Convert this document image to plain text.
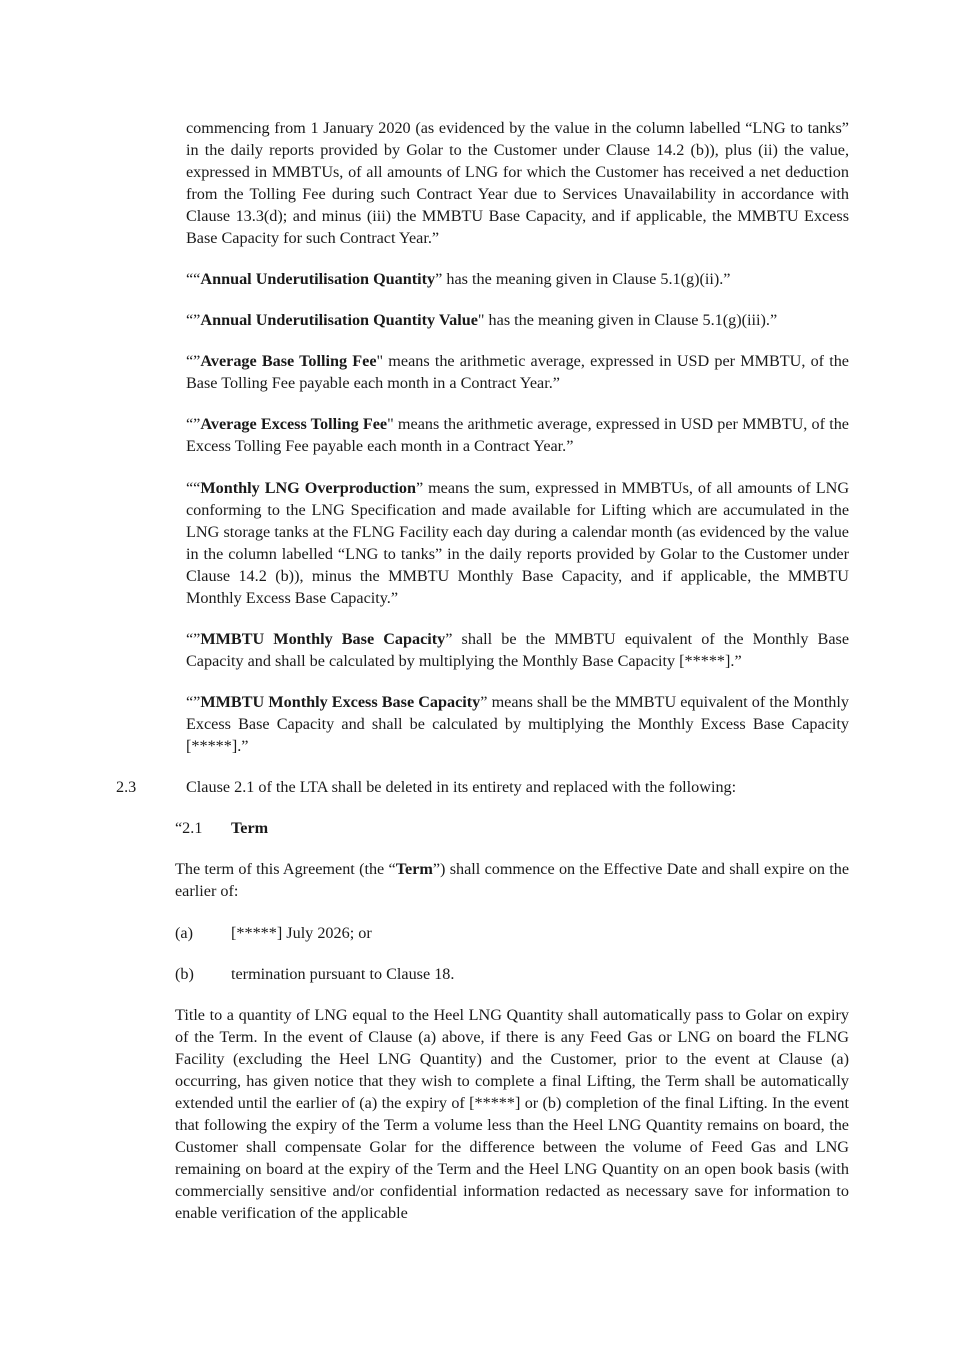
commencing from 1 January 2020 (as evidenced by the value in the column labelled “LNG to tanks” in the daily reports provided by Golar to the Customer under Clause 14.2 (b)), plus (ii) the value, expressed in MMBTUs, of all amounts of LNG for which the Customer has received a net deduction from the Tolling Fee during such Contract Year due to Services Unavailability in accordance with Clause 13.3(d); and minus (iii) the MMBTU Base Capacity, and if applicable, the MMBTU Excess Base Capacity for such Contract Year.”

““Annual Underutilisation Quantity” has the meaning given in Clause 5.1(g)(ii).”

“”Annual Underutilisation Quantity Value" has the meaning given in Clause 5.1(g)(iii).”

“”Average Base Tolling Fee" means the arithmetic average, expressed in USD per MMBTU, of the Base Tolling Fee payable each month in a Contract Year.”

“”Average Excess Tolling Fee" means the arithmetic average, expressed in USD per MMBTU, of the Excess Tolling Fee payable each month in a Contract Year.”

““Monthly LNG Overproduction” means the sum, expressed in MMBTUs, of all amounts of LNG conforming to the LNG Specification and made available for Lifting which are accumulated in the LNG storage tanks at the FLNG Facility each day during a calendar month (as evidenced by the value in the column labelled “LNG to tanks” in the daily reports provided by Golar to the Customer under Clause 14.2 (b)), minus the MMBTU Monthly Base Capacity, and if applicable, the MMBTU Monthly Excess Base Capacity.”

“”MMBTU Monthly Base Capacity” shall be the MMBTU equivalent of the Monthly Base Capacity and shall be calculated by multiplying the Monthly Base Capacity [*****].”

“”MMBTU Monthly Excess Base Capacity” means shall be the MMBTU equivalent of the Monthly Excess Base Capacity and shall be calculated by multiplying the Monthly Excess Base Capacity [*****].”

2.3	Clause 2.1 of the LTA shall be deleted in its entirety and replaced with the following:
“2.1 Term

The term of this Agreement (the “Term”) shall commence on the Effective Date and shall expire on the earlier of:

(a) [*****] July 2026; or
(b) termination pursuant to Clause 18.

Title to a quantity of LNG equal to the Heel LNG Quantity shall automatically pass to Golar on expiry of the Term. In the event of Clause (a) above, if there is any Feed Gas or LNG on board the FLNG Facility (excluding the Heel LNG Quantity) and the Customer, prior to the event at Clause (a) occurring, has given notice that they wish to complete a final Lifting, the Term shall be automatically extended until the earlier of (a) the expiry of [*****] or (b) completion of the final Lifting. In the event that following the expiry of the Term a volume less than the Heel LNG Quantity remains on board, the Customer shall compensate Golar for the difference between the volume of Feed Gas and LNG remaining on board at the expiry of the Term and the Heel LNG Quantity on an open book basis (with commercially sensitive and/or confidential information redacted as necessary save for information to enable verification of the applicable
